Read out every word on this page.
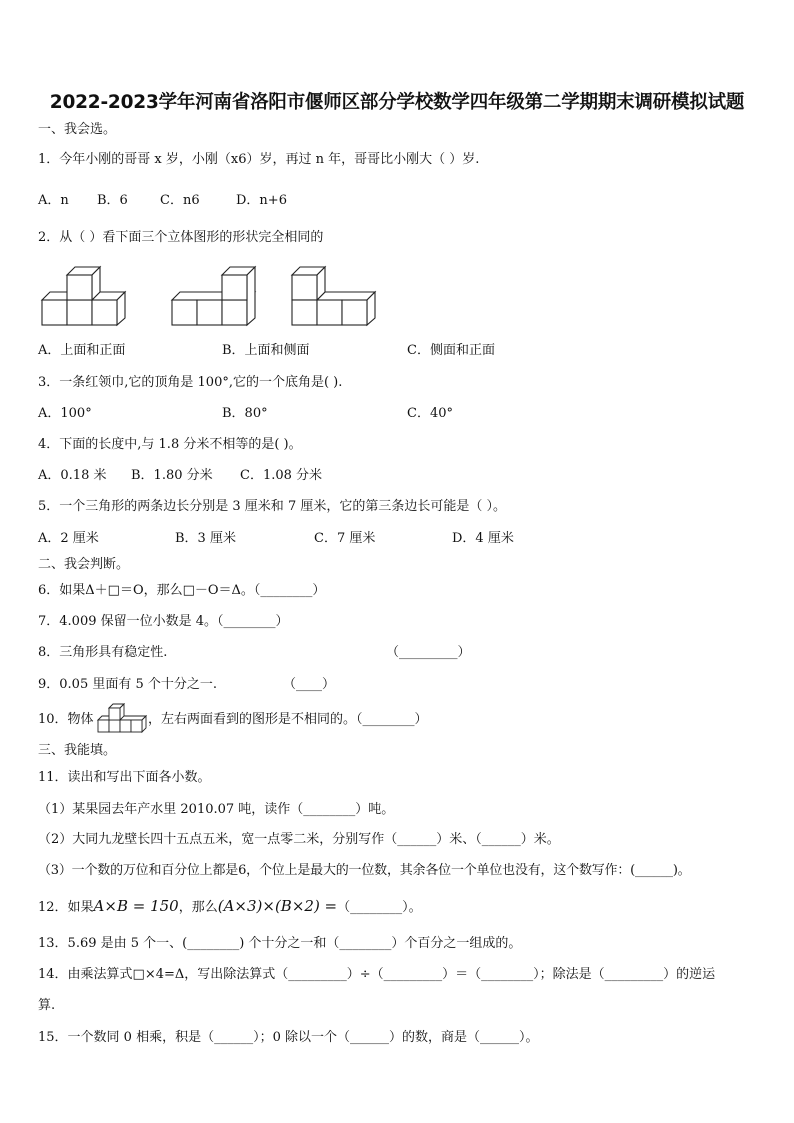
2022-2023学年河南省洛阳市偃师区部分学校数学四年级第二学期期末调研模拟试题
一、我会选。
1．今年小刚的哥哥 x 岁，小刚（x6）岁，再过 n 年，哥哥比小刚大（ ）岁.
A．n B．6 C．n6	D．n+6
2．从（ ）看下面三个立体图形的形状完全相同的
A．上面和正面	B．上面和侧面	C．侧面和正面
3．一条红领巾,它的顶角是 100°,它的一个底角是( ).
A．100°	B．80°	C．40°
4．下面的长度中,与 1.8 分米不相等的是( )。
A．0.18 米 B．1.80 分米 C．1.08 分米
5．一个三角形的两条边长分别是 3 厘米和 7 厘米，它的第三条边长可能是（ ）。
A．2 厘米	B．3 厘米	C．7 厘米	D．4 厘米
二、我会判断。
6．如果Δ＋□＝O，那么□－O＝Δ。（________）
7．4.009 保留一位小数是 4。（________）
8．三角形具有稳定性.	（_________）
9．0.05 里面有 5 个十分之一.	（____）
10．物体	，左右两面看到的图形是不相同的。（________）
三、我能填。
11．读出和写出下面各小数。
（1）某果园去年产水里 2010.07 吨，读作（________）吨。
（2）大同九龙壁长四十五点五米，宽一点零二米，分别写作（______）米、（______）米。
（3）一个数的万位和百分位上都是6，个位上是最大的一位数，其余各位一个单位也没有，这个数写作：(______)。
12．如果A×B = 150，那么(A×3)×(B×2) =（________）。
13．5.69 是由 5 个一、(________) 个十分之一和（________）个百分之一组成的。
14．由乘法算式□×4=Δ，写出除法算式（_________）÷（_________）＝（________）；除法是（_________）的逆运
算.
15．一个数同 0 相乘，积是（______）；0 除以一个（______）的数，商是（______）。
